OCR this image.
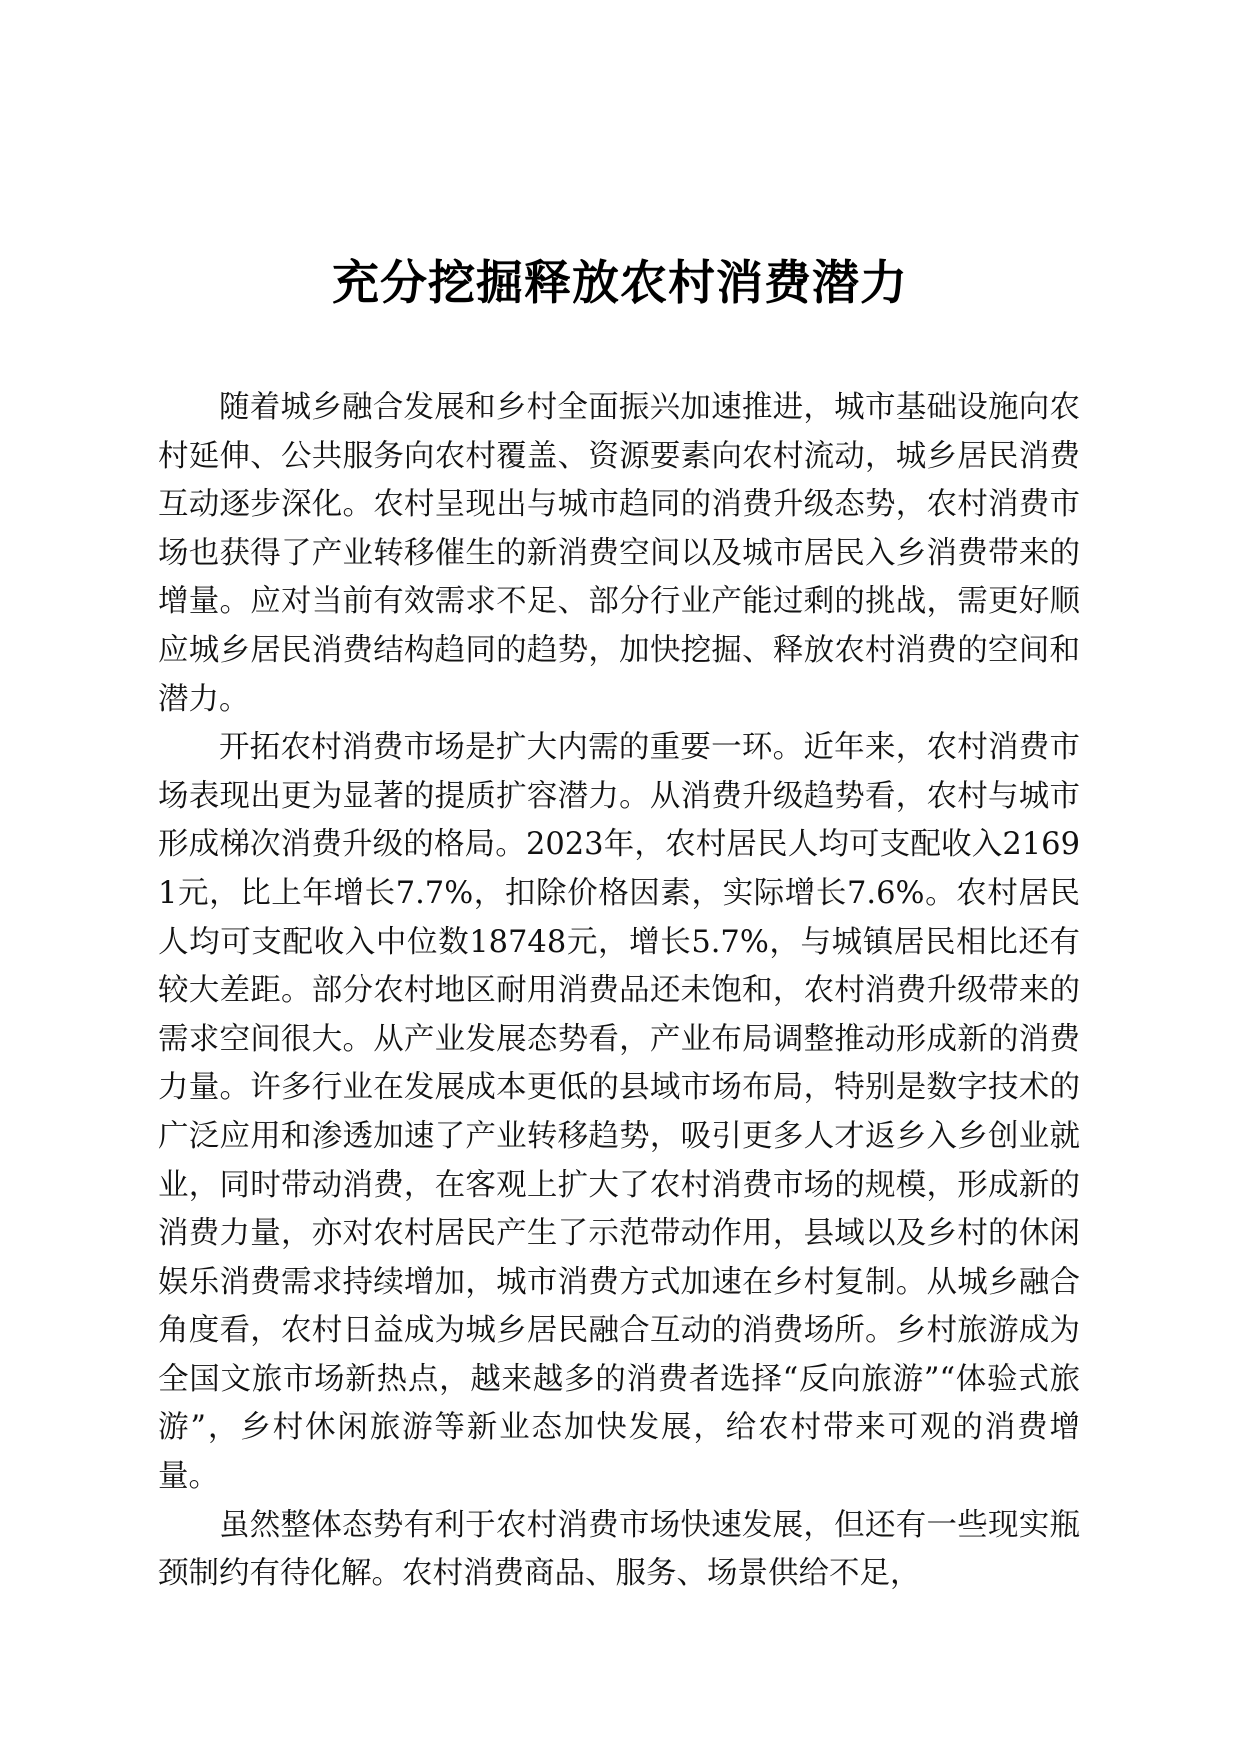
充分挖掘释放农村消费潜力

随着城乡融合发展和乡村全面振兴加速推进，城市基础设施向农村延伸、公共服务向农村覆盖、资源要素向农村流动，城乡居民消费互动逐步深化。农村呈现出与城市趋同的消费升级态势，农村消费市场也获得了产业转移催生的新消费空间以及城市居民入乡消费带来的增量。应对当前有效需求不足、部分行业产能过剩的挑战，需更好顺应城乡居民消费结构趋同的趋势，加快挖掘、释放农村消费的空间和潜力。

开拓农村消费市场是扩大内需的重要一环。近年来，农村消费市场表现出更为显著的提质扩容潜力。从消费升级趋势看，农村与城市形成梯次消费升级的格局。2023年，农村居民人均可支配收入21691元，比上年增长7.7%，扣除价格因素，实际增长7.6%。农村居民人均可支配收入中位数18748元，增长5.7%，与城镇居民相比还有较大差距。部分农村地区耐用消费品还未饱和，农村消费升级带来的需求空间很大。从产业发展态势看，产业布局调整推动形成新的消费力量。许多行业在发展成本更低的县域市场布局，特别是数字技术的广泛应用和渗透加速了产业转移趋势，吸引更多人才返乡入乡创业就业，同时带动消费，在客观上扩大了农村消费市场的规模，形成新的消费力量，亦对农村居民产生了示范带动作用，县域以及乡村的休闲娱乐消费需求持续增加，城市消费方式加速在乡村复制。从城乡融合角度看，农村日益成为城乡居民融合互动的消费场所。乡村旅游成为全国文旅市场新热点，越来越多的消费者选择“反向旅游”“体验式旅游”，乡村休闲旅游等新业态加快发展，给农村带来可观的消费增量。

虽然整体态势有利于农村消费市场快速发展，但还有一些现实瓶颈制约有待化解。农村消费商品、服务、场景供给不足，
